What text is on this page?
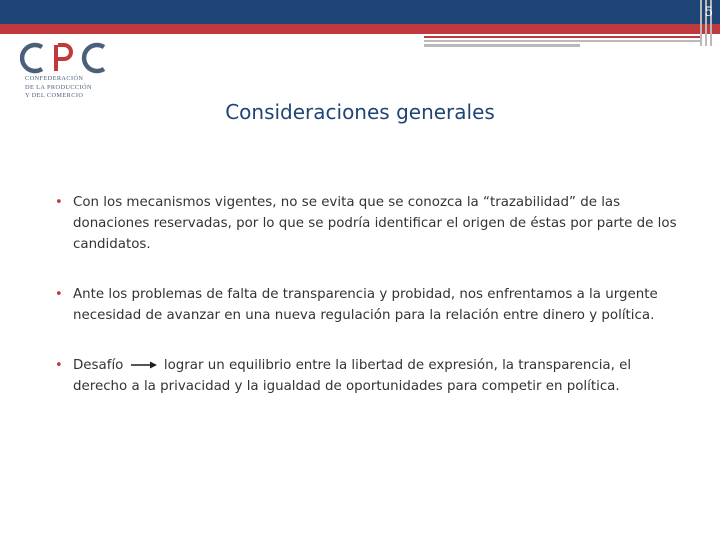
5
CONFEDERACIÓN
DE LA PRODUCCIÓN
Y DEL COMERCIO
Consideraciones generales
• Con los mecanismos vigentes, no se evita que se conozca la “trazabilidad” de las donaciones reservadas, por lo que se podría identificar el origen de éstas por parte de los candidatos.
• Ante los problemas de falta de transparencia y probidad, nos enfrentamos a la urgente necesidad de avanzar en una nueva regulación para la relación entre dinero y política.
• Desafío	lograr un equilibrio entre la libertad de expresión, la transparencia, el derecho a la privacidad y la igualdad de oportunidades para competir en política.
